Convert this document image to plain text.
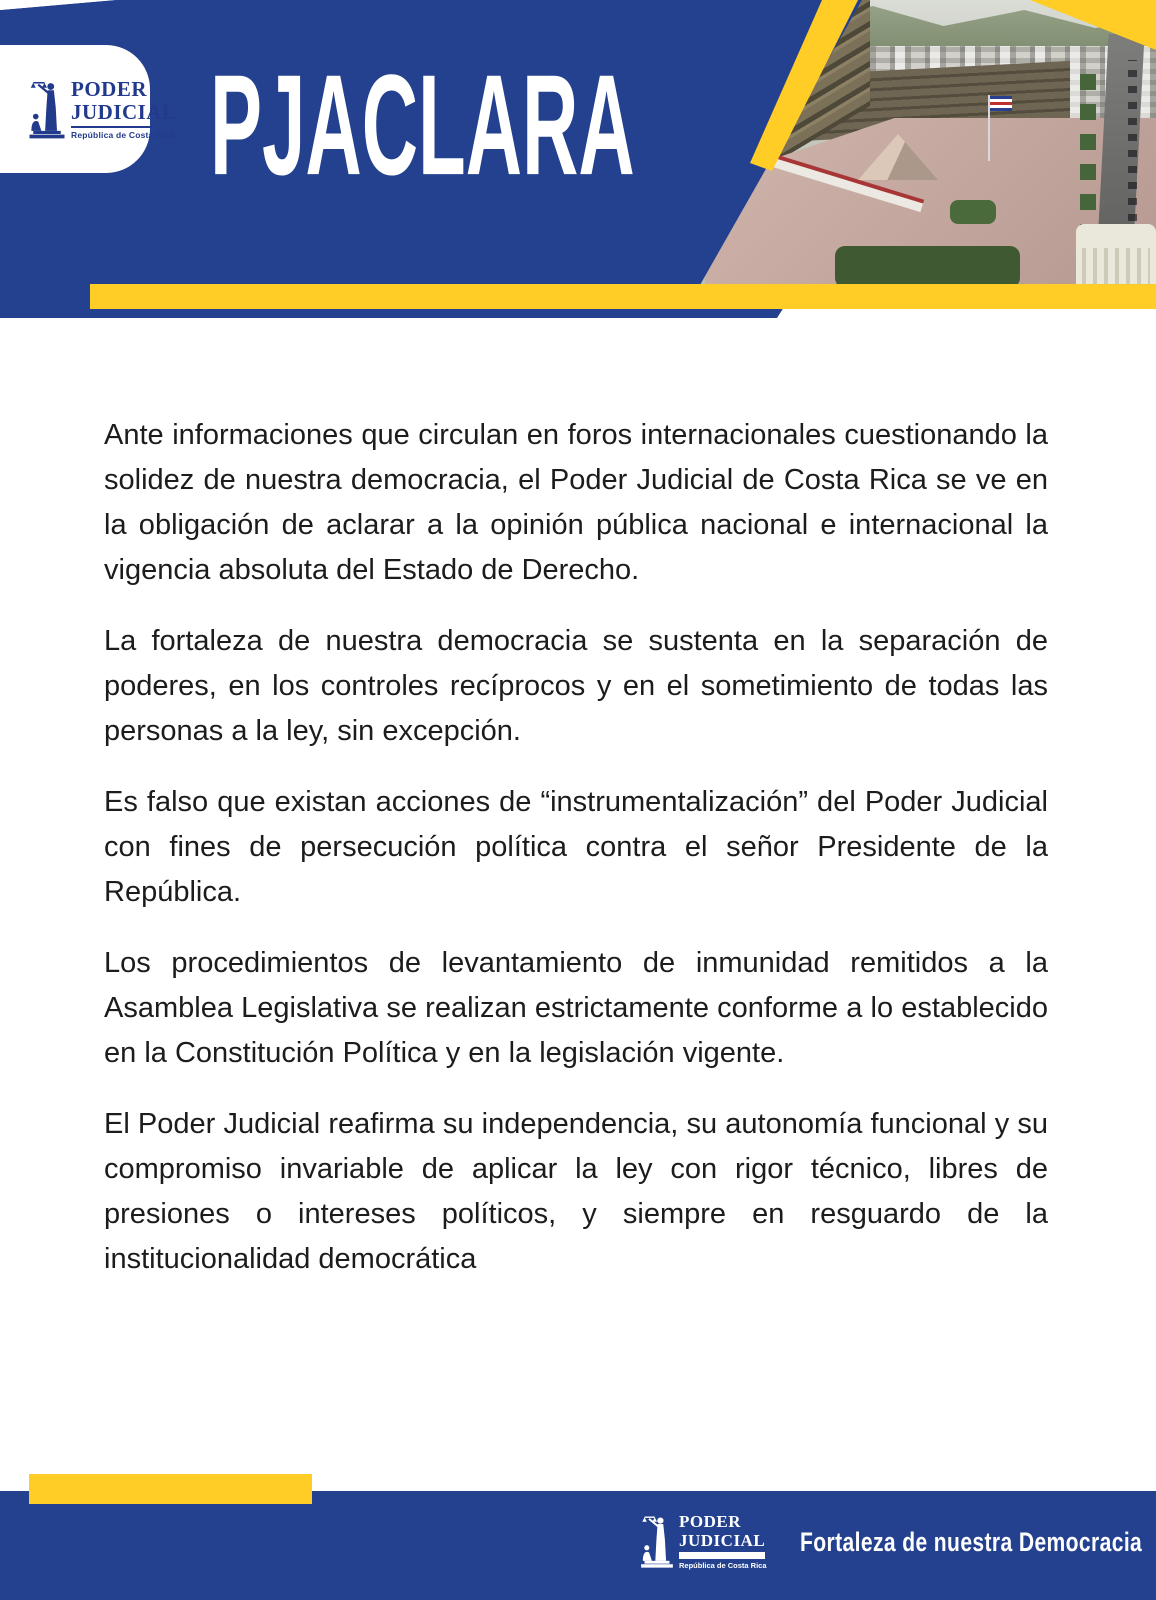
PODER
JUDICIAL
República de Costa Rica PJACLARA

Ante informaciones que circulan en foros internacionales cuestionando la solidez de nuestra democracia, el Poder Judicial de Costa Rica se ve en la obligación de aclarar a la opinión pública nacional e internacional la vigencia absoluta del Estado de Derecho.

La fortaleza de nuestra democracia se sustenta en la separación de poderes, en los controles recíprocos y en el sometimiento de todas las personas a la ley, sin excepción.

Es falso que existan acciones de “instrumentalización” del Poder Judicial con fines de persecución política contra el señor Presidente de la República.

Los procedimientos de levantamiento de inmunidad remitidos a la Asamblea Legislativa se realizan estrictamente conforme a lo establecido en la Constitución Política y en la legislación vigente.

El Poder Judicial reafirma su independencia, su autonomía funcional y su compromiso invariable de aplicar la ley con rigor técnico, libres de presiones o intereses políticos, y siempre en resguardo de la institucionalidad democrática

PODER
JUDICIAL
República de Costa Rica
Fortaleza de nuestra Democracia
